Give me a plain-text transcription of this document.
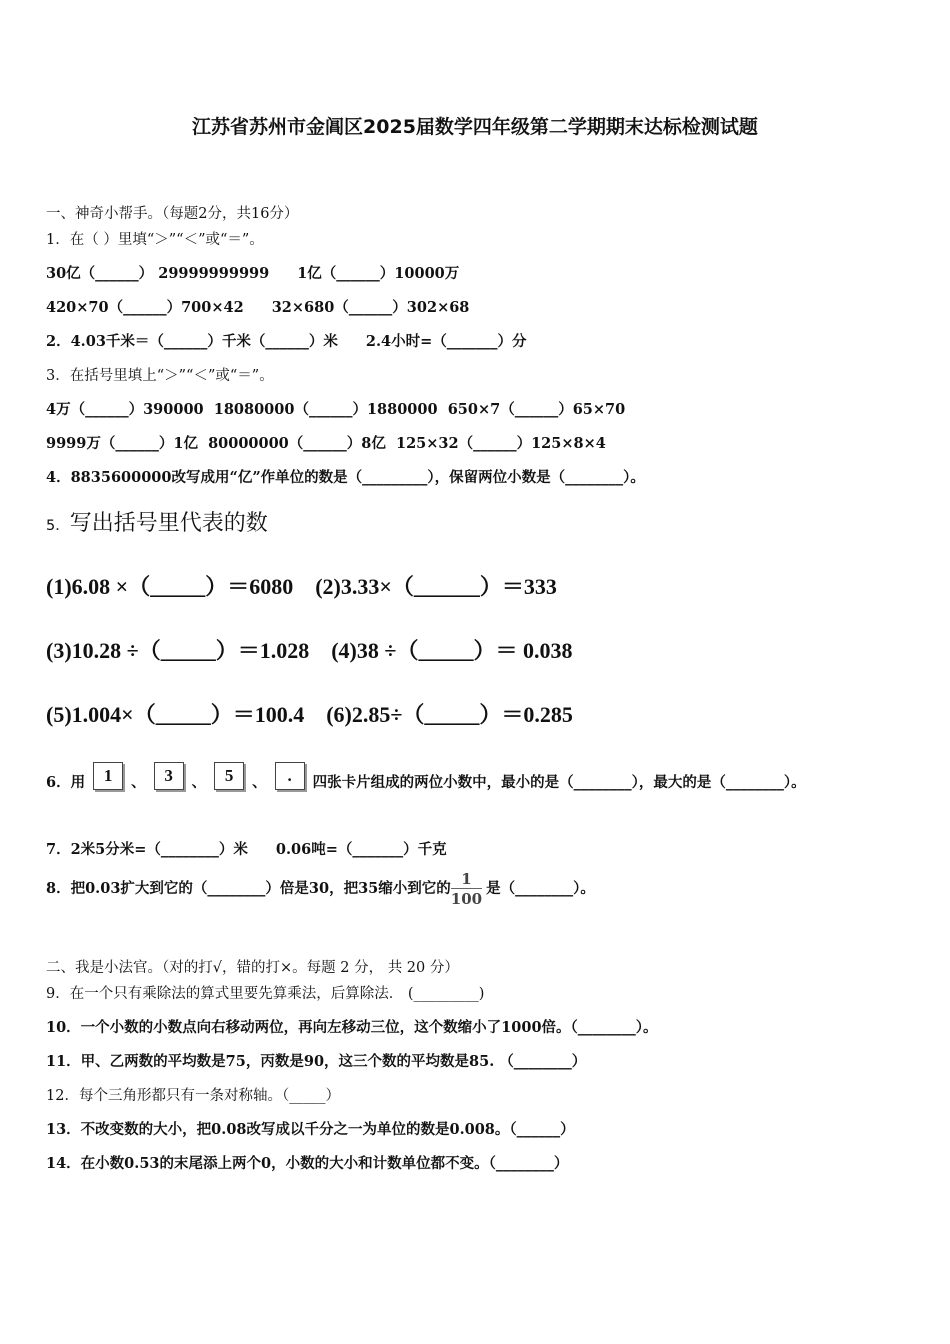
江苏省苏州市金阊区2025届数学四年级第二学期期末达标检测试题
一、神奇小帮手。（每题2分，共16分）
1．在（ ）里填“＞”“＜”或“＝”。
30亿（______） 29999999999 1亿（______）10000万
420×70（______）700×42 32×680（______）302×68
2．4.03千米＝（______）千米（______）米 2.4小时=（_______）分
3．在括号里填上“＞”“＜”或“＝”。
4万（______）390000 18080000（______）1880000 650×7（______）65×70
9999万（______）1亿 80000000（______）8亿 125×32（______）125×8×4
4．8835600000改写成用“亿”作单位的数是（_________），保留两位小数是（________）。
5．写出括号里代表的数
(1)6.08 ×（_____）＝6080 (2)3.33×（______）＝333
(3)10.28 ÷（_____）＝1.028 (4)38 ÷（_____）＝ 0.038
(5)1.004×（_____）＝100.4 (6)2.85÷（_____）＝0.285
6．用 1 、 3 、 5 、 . 四张卡片组成的两位小数中，最小的是（________），最大的是（________）。
7．2米5分米=（________）米 0.06吨=（_______）千克
8．把0.03扩大到它的（________）倍是30，把35缩小到它的 $\frac{1}{100}$ 是（________）。
二、我是小法官。（对的打√，错的打×。每题 2 分， 共 20 分）
9．在一个只有乘除法的算式里要先算乘法，后算除法． (_________)
10．一个小数的小数点向右移动两位，再向左移动三位，这个数缩小了1000倍。（________）。
11．甲、乙两数的平均数是75，丙数是90，这三个数的平均数是85. （________）
12．每个三角形都只有一条对称轴。（_____）
13．不改变数的大小，把0.08改写成以千分之一为单位的数是0.008。（______）
14．在小数0.53的末尾添上两个0，小数的大小和计数单位都不变。（________）
